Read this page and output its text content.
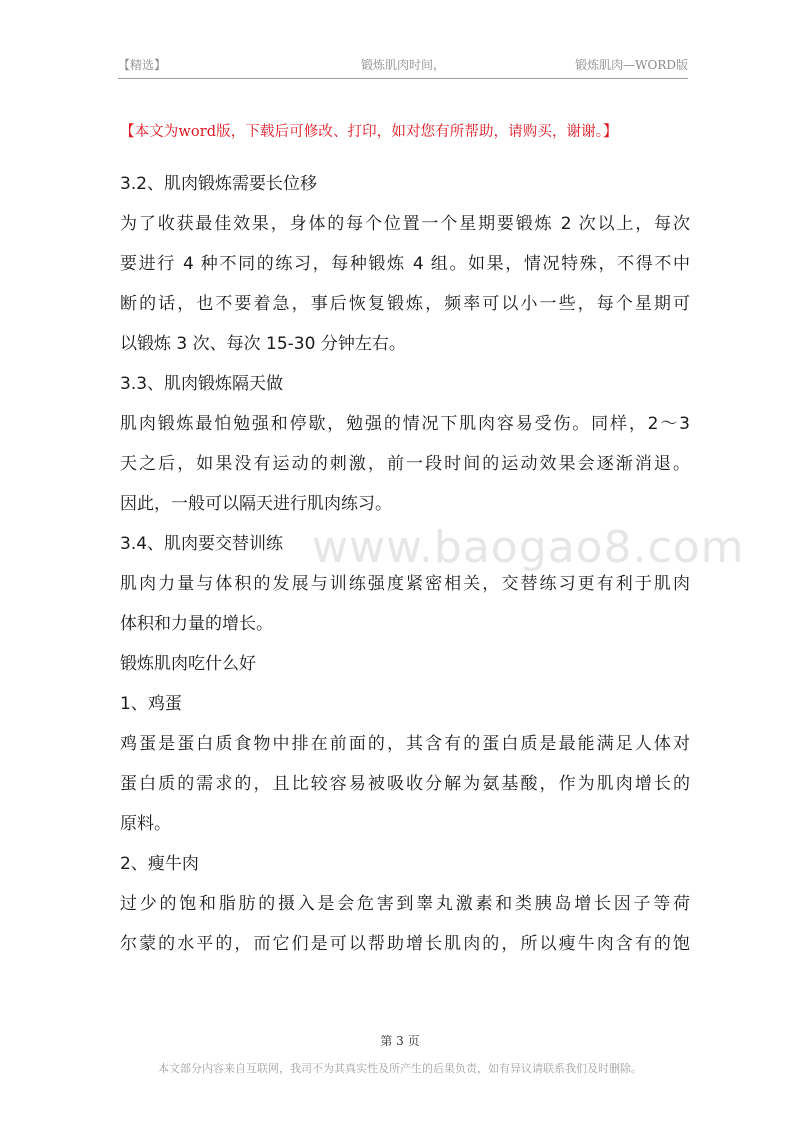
【精选】	锻炼肌肉时间，	锻炼肌肉—WORD版
【本文为word版，下载后可修改、打印，如对您有所帮助，请购买，谢谢。】
www.baogao8.com
3.2、肌肉锻炼需要长位移
为了收获最佳效果，身体的每个位置一个星期要锻炼 2 次以上，每次
要进行 4 种不同的练习，每种锻炼 4 组。如果，情况特殊，不得不中
断的话，也不要着急，事后恢复锻炼，频率可以小一些，每个星期可
以锻炼 3 次、每次 15-30 分钟左右。
3.3、肌肉锻炼隔天做
肌肉锻炼最怕勉强和停歇，勉强的情况下肌肉容易受伤。同样，2～3
天之后，如果没有运动的刺激，前一段时间的运动效果会逐渐消退。
因此，一般可以隔天进行肌肉练习。
3.4、肌肉要交替训练
肌肉力量与体积的发展与训练强度紧密相关，交替练习更有利于肌肉
体积和力量的增长。
锻炼肌肉吃什么好
1、鸡蛋
鸡蛋是蛋白质食物中排在前面的，其含有的蛋白质是最能满足人体对
蛋白质的需求的，且比较容易被吸收分解为氨基酸，作为肌肉增长的
原料。
2、瘦牛肉
过少的饱和脂肪的摄入是会危害到睾丸激素和类胰岛增长因子等荷
尔蒙的水平的，而它们是可以帮助增长肌肉的，所以瘦牛肉含有的饱
第 3 页
本文部分内容来自互联网，我司不为其真实性及所产生的后果负责，如有异议请联系我们及时删除。
